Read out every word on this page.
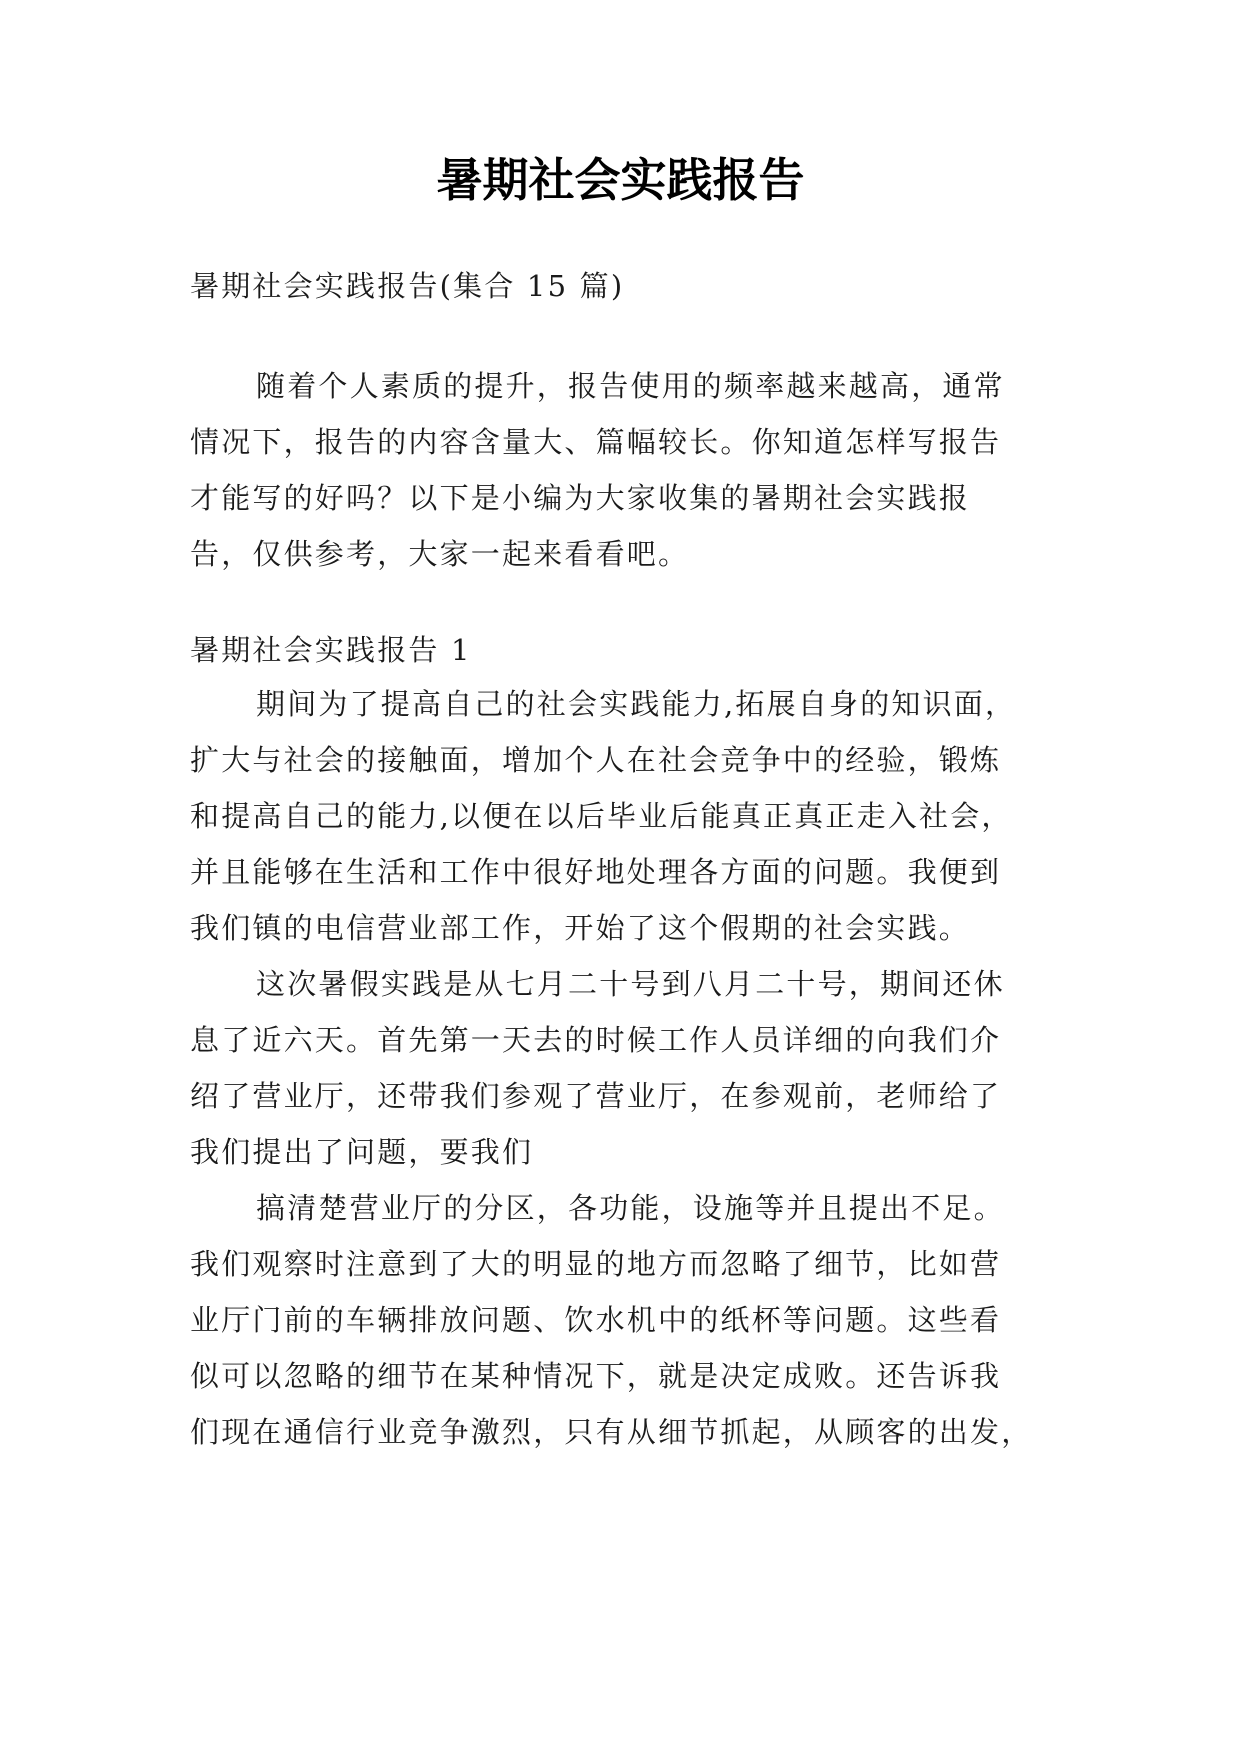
暑期社会实践报告
暑期社会实践报告(集合 15 篇)
随着个人素质的提升，报告使用的频率越来越高，通常
情况下，报告的内容含量大、篇幅较长。你知道怎样写报告
才能写的好吗？以下是小编为大家收集的暑期社会实践报
告，仅供参考，大家一起来看看吧。
暑期社会实践报告 1
期间为了提高自己的社会实践能力,拓展自身的知识面，
扩大与社会的接触面，增加个人在社会竞争中的经验，锻炼
和提高自己的能力,以便在以后毕业后能真正真正走入社会，
并且能够在生活和工作中很好地处理各方面的问题。我便到
我们镇的电信营业部工作，开始了这个假期的社会实践。
这次暑假实践是从七月二十号到八月二十号，期间还休
息了近六天。首先第一天去的时候工作人员详细的向我们介
绍了营业厅，还带我们参观了营业厅，在参观前，老师给了
我们提出了问题，要我们
搞清楚营业厅的分区，各功能，设施等并且提出不足。
我们观察时注意到了大的明显的地方而忽略了细节，比如营
业厅门前的车辆排放问题、饮水机中的纸杯等问题。这些看
似可以忽略的细节在某种情况下，就是决定成败。还告诉我
们现在通信行业竞争激烈，只有从细节抓起，从顾客的出发，
